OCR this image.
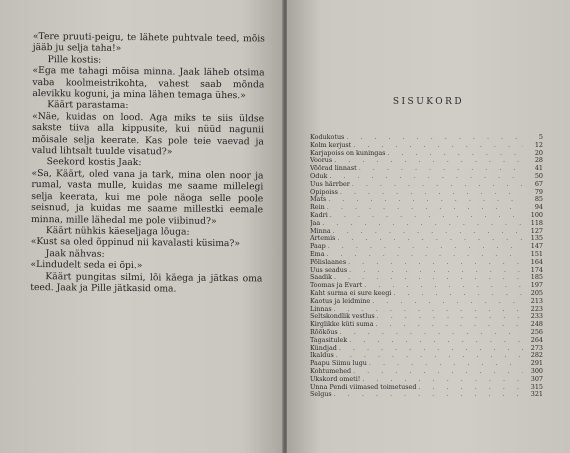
«Tere pruuti-peigu, te lähete puhtvale teed, mõis jääb ju selja taha!»

Pille kostis:

«Ega me tahagi mõisa minna. Jaak läheb otsima vaba koolmeistrikohta, vahest saab mõnda alevikku koguni, ja mina lähen temaga ühes.»

Käärt parastama:

«Näe, kuidas on lood. Aga miks te siis üldse sakste tiiva alla kippusite, kui nüüd nagunii mõisale selja keerate. Kas pole teie vaevad ja valud lihtsalt tuulde visatud?»

Seekord kostis Jaak:

«Sa, Käärt, oled vana ja tark, mina olen noor ja rumal, vasta mulle, kuidas me saame millelegi selja keerata, kui me pole näoga selle poole seisnud, ja kuidas me saame millestki eemale minna, mille lähedal me pole viibinud?»

Käärt nühkis käeseljaga lõuga:

«Kust sa oled õppinud nii kavalasti küsima?»

Jaak nähvas:

«Lindudelt seda ei õpi.»

Käärt pungitas silmi, lõi käega ja jätkas oma teed. Jaak ja Pille jätkasid oma.

SISUKORD
Kodukotus . . .	5
Kolm kerjust . . .	12
Karjapoiss on kuningas . . .	20
Voorus . . .	28
Võõrad linnast . . .	41
Oduk . . .	50
Uus härrber . . .	67
Õpipoiss . . .	79
Mats . . .	85
Rein . . .	94
Kadri . . .	100
Jaa . . .	118
Minna . . .	127
Artemis . . .	135
Paap . . .	147
Ema . . .	151
Põlislaanes . . .	164
Uus seadus . . .	174
Saadik . . .	185
Toomas ja Evart . . .	197
Kaht surma ei sure keegi . . .	205
Kaotus ja leidmine . . .	213
Linnas . . .	223
Seltskondlik vestlus . . .	233
Kirglikke küti suma . . .	248
Rõõkõus . . .	256
Tagasitulek . . .	264
Kündjad . . .	273
Ikaldus . . .	282
Paapu Siimu lugu . . .	291
Kohtumehed . . .	300
Ükskord ometi! . . .	307
Unna Pendi viimased toimetused . . .	315
Selgus . . .	321
